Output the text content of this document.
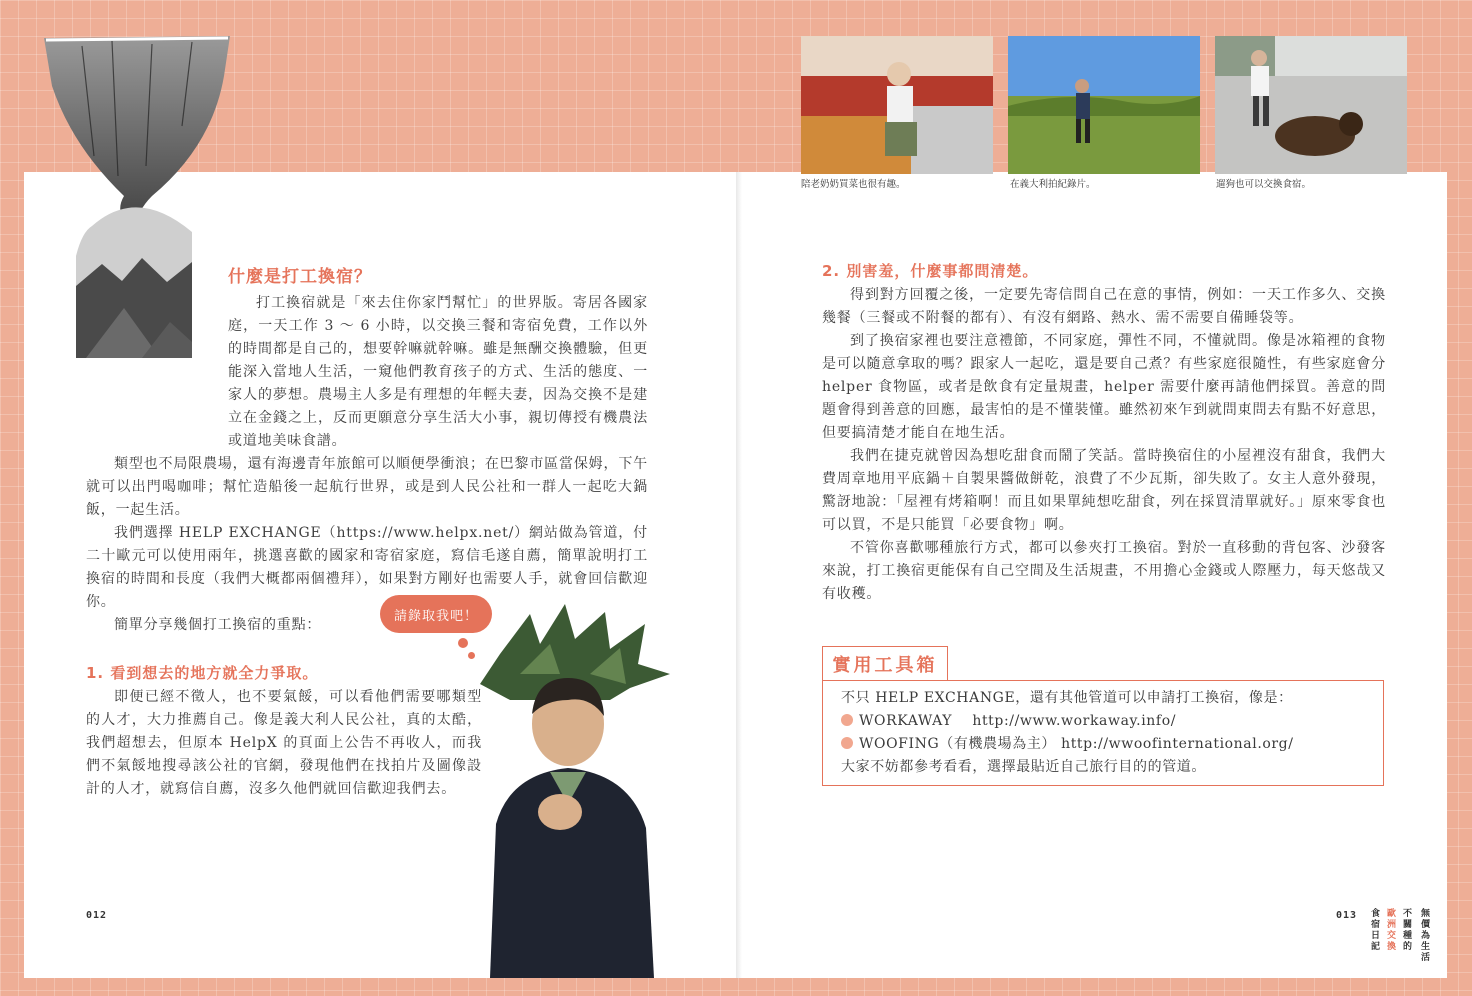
什麼是打工換宿？

打工換宿就是「來去住你家鬥幫忙」的世界版。寄居各國家庭，一天工作 3 ～ 6 小時，以交換三餐和寄宿免費，工作以外的時間都是自己的，想要幹嘛就幹嘛。雖是無酬交換體驗，但更能深入當地人生活，一窺他們教育孩子的方式、生活的態度、一家人的夢想。農場主人多是有理想的年輕夫妻，因為交換不是建立在金錢之上，反而更願意分享生活大小事，親切傳授有機農法或道地美味食譜。

類型也不局限農場，還有海邊青年旅館可以順便學衝浪；在巴黎市區當保姆，下午就可以出門喝咖啡；幫忙造船後一起航行世界，或是到人民公社和一群人一起吃大鍋飯，一起生活。

我們選擇 HELP EXCHANGE（https://www.helpx.net/）網站做為管道，付二十歐元可以使用兩年，挑選喜歡的國家和寄宿家庭，寫信毛遂自薦，簡單說明打工換宿的時間和長度（我們大概都兩個禮拜），如果對方剛好也需要人手，就會回信歡迎你。

簡單分享幾個打工換宿的重點：

1. 看到想去的地方就全力爭取。

即便已經不徵人，也不要氣餒，可以看他們需要哪類型的人才，大力推薦自己。像是義大利人民公社，真的太酷，我們超想去，但原本 HelpX 的頁面上公告不再收人，而我們不氣餒地搜尋該公社的官網，發現他們在找拍片及圖像設計的人才，就寫信自薦，沒多久他們就回信歡迎我們去。

請錄取我吧！
012
陪老奶奶買菜也很有趣。	在義大利拍紀錄片。	遛狗也可以交換食宿。
2. 別害羞，什麼事都問清楚。

得到對方回覆之後，一定要先寄信問自己在意的事情，例如：一天工作多久、交換幾餐（三餐或不附餐的都有）、有沒有網路、熱水、需不需要自備睡袋等。

到了換宿家裡也要注意禮節，不同家庭，彈性不同，不懂就問。像是冰箱裡的食物是可以隨意拿取的嗎？跟家人一起吃，還是要自己煮？有些家庭很隨性，有些家庭會分 helper 食物區，或者是飲食有定量規畫，helper 需要什麼再請他們採買。善意的問題會得到善意的回應，最害怕的是不懂裝懂。雖然初來乍到就問東問去有點不好意思，但要搞清楚才能自在地生活。

我們在捷克就曾因為想吃甜食而鬧了笑話。當時換宿住的小屋裡沒有甜食，我們大費周章地用平底鍋＋自製果醬做餅乾，浪費了不少瓦斯，卻失敗了。女主人意外發現，驚訝地說：「屋裡有烤箱啊！而且如果單純想吃甜食，列在採買清單就好。」原來零食也可以買，不是只能買「必要食物」啊。

不管你喜歡哪種旅行方式，都可以參夾打工換宿。對於一直移動的背包客、沙發客來說，打工換宿更能保有自己空間及生活規畫，不用擔心金錢或人際壓力，每天悠哉又有收穫。

實用工具箱
不只 HELP EXCHANGE，還有其他管道可以申請打工換宿，像是：
WORKAWAY http://www.workaway.info/
WOOFING（有機農場為主） http://wwoofinternational.org/
大家不妨都參考看看，選擇最貼近自己旅行目的的管道。
013	無價為生活
不關種的
歐洲交換
食宿日記
